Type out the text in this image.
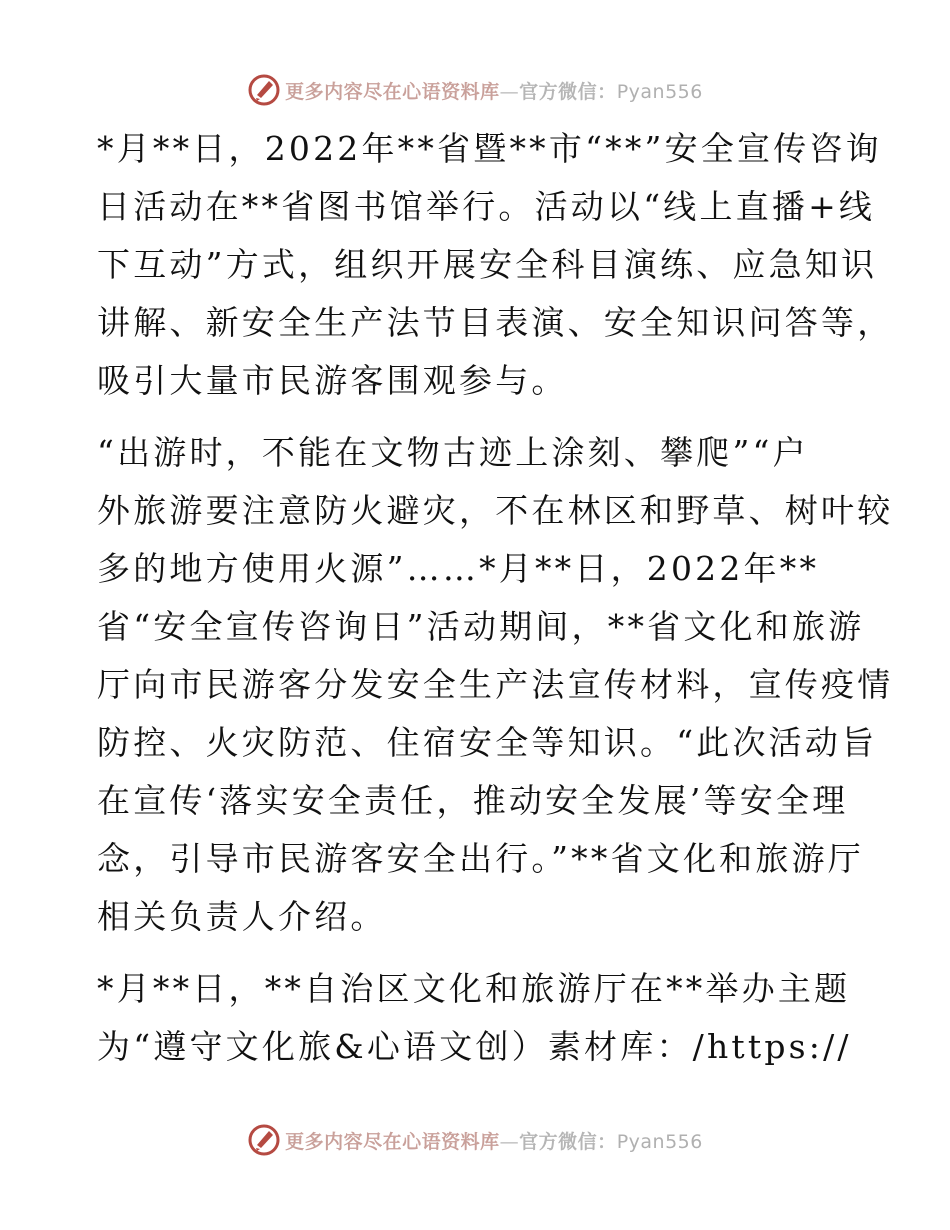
更多内容尽在心语资料库—官方微信：Pyan556
*月**日，2022年**省暨**市“**”安全宣传咨询
日活动在**省图书馆举行。活动以“线上直播+线
下互动”方式，组织开展安全科目演练、应急知识
讲解、新安全生产法节目表演、安全知识问答等，
吸引大量市民游客围观参与。
“出游时，不能在文物古迹上涂刻、攀爬”“户
外旅游要注意防火避灾，不在林区和野草、树叶较
多的地方使用火源”……*月**日，2022年**
省“安全宣传咨询日”活动期间，**省文化和旅游
厅向市民游客分发安全生产法宣传材料，宣传疫情
防控、火灾防范、住宿安全等知识。“此次活动旨
在宣传‘落实安全责任，推动安全发展’等安全理
念，引导市民游客安全出行。”**省文化和旅游厅
相关负责人介绍。
*月**日，**自治区文化和旅游厅在**举办主题
为“遵守文化旅&心语文创）素材库：/https://
更多内容尽在心语资料库—官方微信：Pyan556
